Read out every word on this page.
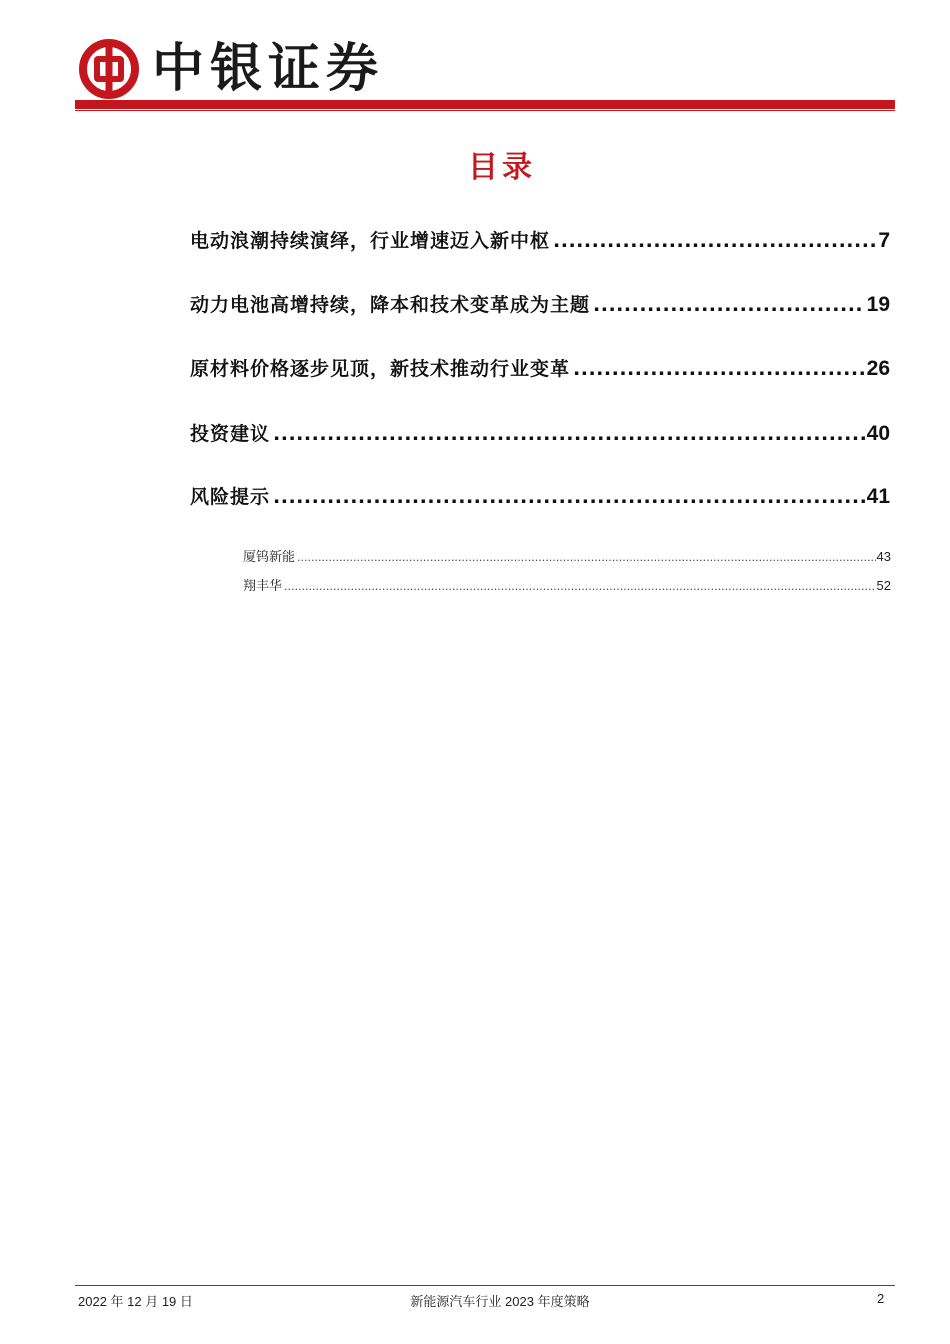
中银证券
目录
电动浪潮持续演绎，行业增速迈入新中枢 .....	7
动力电池高增持续，降本和技术变革成为主题 .....	19
原材料价格逐步见顶，新技术推动行业变革 .....	26
投资建议 .....	40
风险提示 .....	41
厦钨新能 .....	43
翔丰华 .....	52
2022 年 12 月 19 日	新能源汽车行业 2023 年度策略	2
